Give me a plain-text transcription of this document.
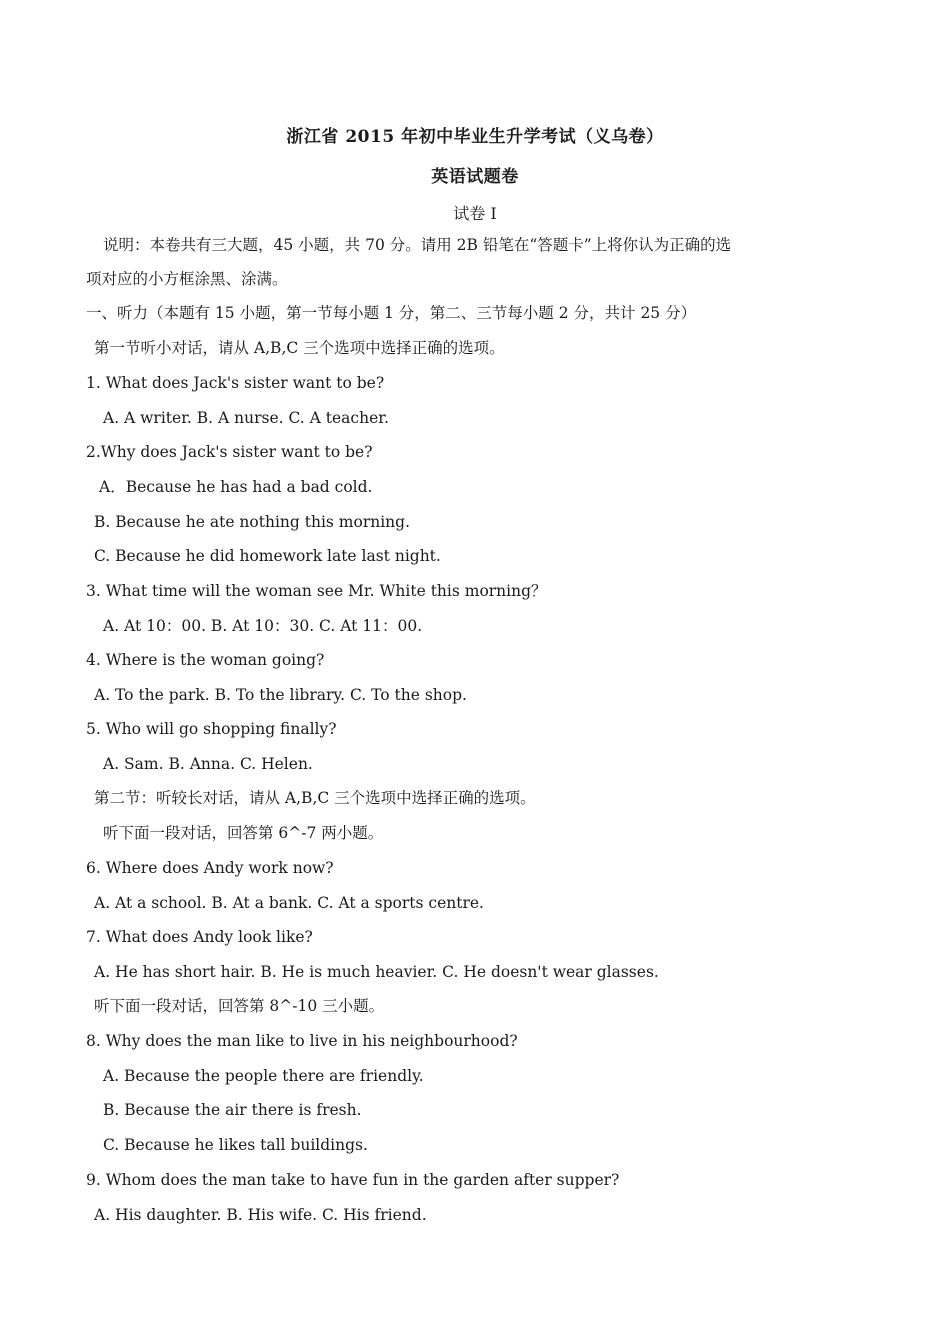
浙江省 2015 年初中毕业生升学考试（义乌卷）
英语试题卷
试卷 Ⅰ
说明：本卷共有三大题，45 小题，共 70 分。请用 2B 铅笔在“答题卡”上将你认为正确的选
项对应的小方框涂黑、涂满。
一、听力（本题有 15 小题，第一节每小题 1 分，第二、三节每小题 2 分，共计 25 分）
第一节听小对话，请从 A,B,C 三个选项中选择正确的选项。
1. What does Jack's sister want to be?
A. A writer. B. A nurse. C. A teacher.
2.Why does Jack's sister want to be?
A．Because he has had a bad cold.
B. Because he ate nothing this morning.
C. Because he did homework late last night.
3. What time will the woman see Mr. White this morning？
A. At 10：00. B. At 10：30. C. At 11：00.
4. Where is the woman going?
A. To the park. B. To the library. C. To the shop.
5. Who will go shopping finally?
A. Sam. B. Anna. C. Helen.
第二节：听较长对话，请从 A,B,C 三个选项中选择正确的选项。
听下面一段对话，回答第 6^-7 两小题。
6. Where does Andy work now?
A. At a school. B. At a bank. C. At a sports centre.
7. What does Andy look like?
A. He has short hair. B. He is much heavier. C. He doesn't wear glasses.
听下面一段对话，回答第 8^-10 三小题。
8. Why does the man like to live in his neighbourhood?
A. Because the people there are friendly.
B. Because the air there is fresh.
C. Because he likes tall buildings.
9. Whom does the man take to have fun in the garden after supper?
A. His daughter. B. His wife. C. His friend.
